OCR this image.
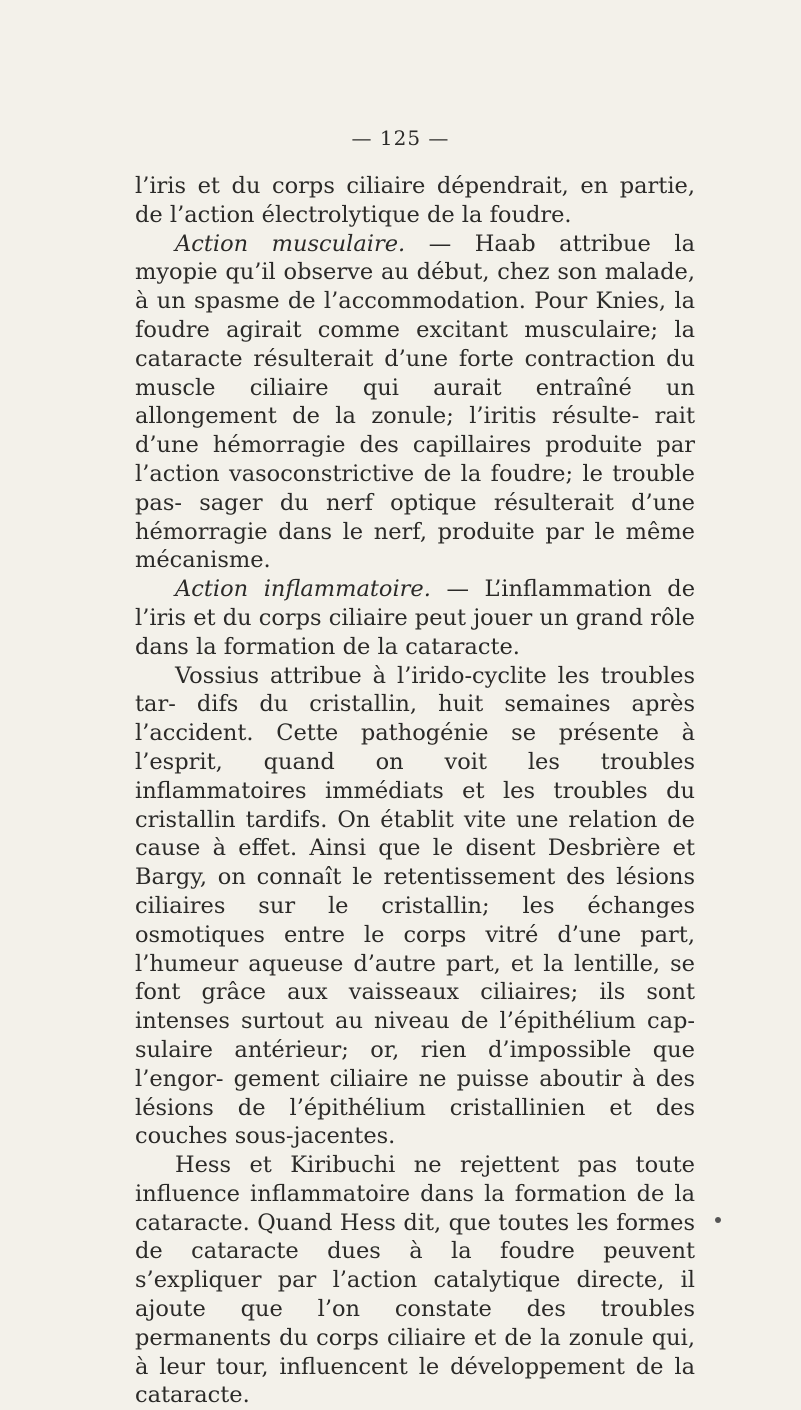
— 125 —

l’iris et du corps ciliaire dépendrait, en partie, de l’action électrolytique de la foudre.

Action musculaire. — Haab attribue la myopie qu’il observe au début, chez son malade, à un spasme de l’accommodation. Pour Knies, la foudre agirait comme excitant musculaire; la cataracte résulterait d’une forte contraction du muscle ciliaire qui aurait entraîné un allongement de la zonule; l’iritis résulte- rait d’une hémorragie des capillaires produite par l’action vasoconstrictive de la foudre; le trouble pas- sager du nerf optique résulterait d’une hémorragie dans le nerf, produite par le même mécanisme.

Action inflammatoire. — L’inflammation de l’iris et du corps ciliaire peut jouer un grand rôle dans la formation de la cataracte.

Vossius attribue à l’irido-cyclite les troubles tar- difs du cristallin, huit semaines après l’accident. Cette pathogénie se présente à l’esprit, quand on voit les troubles inflammatoires immédiats et les troubles du cristallin tardifs. On établit vite une relation de cause à effet. Ainsi que le disent Desbrière et Bargy, on connaît le retentissement des lésions ciliaires sur le cristallin; les échanges osmotiques entre le corps vitré d’une part, l’humeur aqueuse d’autre part, et la lentille, se font grâce aux vaisseaux ciliaires; ils sont intenses surtout au niveau de l’épithélium cap- sulaire antérieur; or, rien d’impossible que l’engor- gement ciliaire ne puisse aboutir à des lésions de l’épithélium cristallinien et des couches sous-jacentes.

Hess et Kiribuchi ne rejettent pas toute influence inflammatoire dans la formation de la cataracte. Quand Hess dit, que toutes les formes de cataracte dues à la foudre peuvent s’expliquer par l’action catalytique directe, il ajoute que l’on constate des troubles permanents du corps ciliaire et de la zonule qui, à leur tour, influencent le développement de la cataracte.
